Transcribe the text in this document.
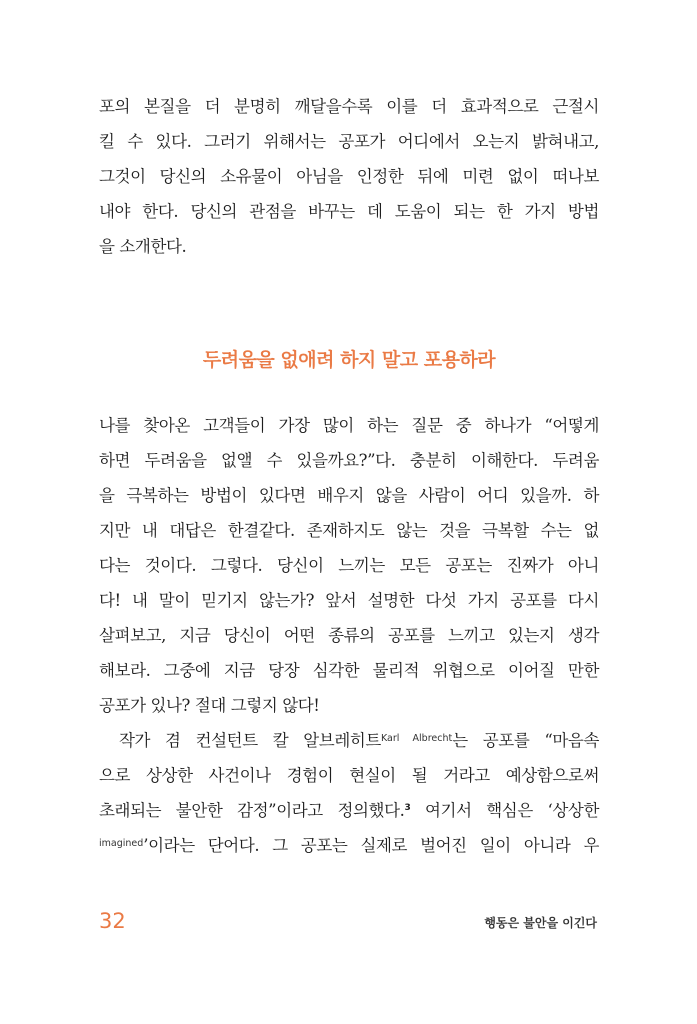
포의 본질을 더 분명히 깨달을수록 이를 더 효과적으로 근절시
킬 수 있다. 그러기 위해서는 공포가 어디에서 오는지 밝혀내고,
그것이 당신의 소유물이 아님을 인정한 뒤에 미련 없이 떠나보
내야 한다. 당신의 관점을 바꾸는 데 도움이 되는 한 가지 방법
을 소개한다.
두려움을 없애려 하지 말고 포용하라
나를 찾아온 고객들이 가장 많이 하는 질문 중 하나가 “어떻게
하면 두려움을 없앨 수 있을까요?”다. 충분히 이해한다. 두려움
을 극복하는 방법이 있다면 배우지 않을 사람이 어디 있을까. 하
지만 내 대답은 한결같다. 존재하지도 않는 것을 극복할 수는 없
다는 것이다. 그렇다. 당신이 느끼는 모든 공포는 진짜가 아니
다! 내 말이 믿기지 않는가? 앞서 설명한 다섯 가지 공포를 다시
살펴보고, 지금 당신이 어떤 종류의 공포를 느끼고 있는지 생각
해보라. 그중에 지금 당장 심각한 물리적 위협으로 이어질 만한
공포가 있나? 절대 그렇지 않다!
작가 겸 컨설턴트 칼 알브레히트$^{Karl Albrecht}$는 공포를 “마음속
으로 상상한 사건이나 경험이 현실이 될 거라고 예상함으로써
초래되는 불안한 감정”이라고 정의했다.$^3$ 여기서 핵심은 ‘상상한
$^{imagined}$’이라는 단어다. 그 공포는 실제로 벌어진 일이 아니라 우
32	행동은 불안을 이긴다
